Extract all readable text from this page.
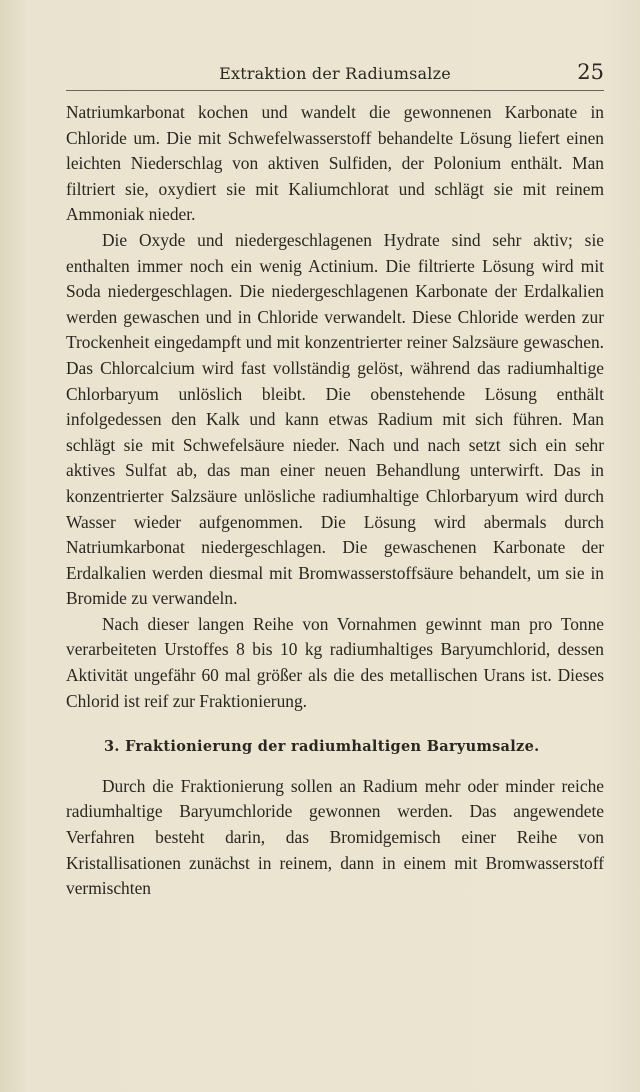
Extraktion der Radiumsalze	25

Natriumkarbonat kochen und wandelt die gewonnenen Karbonate in Chloride um. Die mit Schwefelwasserstoff behandelte Lösung liefert einen leichten Niederschlag von aktiven Sulfiden, der Polonium enthält. Man filtriert sie, oxydiert sie mit Kaliumchlorat und schlägt sie mit reinem Ammoniak nieder.

Die Oxyde und niedergeschlagenen Hydrate sind sehr aktiv; sie enthalten immer noch ein wenig Actinium. Die filtrierte Lösung wird mit Soda niedergeschlagen. Die niedergeschlagenen Karbonate der Erdalkalien werden gewaschen und in Chloride verwandelt. Diese Chloride werden zur Trockenheit eingedampft und mit konzentrierter reiner Salzsäure gewaschen. Das Chlorcalcium wird fast vollständig gelöst, während das radiumhaltige Chlorbaryum unlöslich bleibt. Die obenstehende Lösung enthält infolgedessen den Kalk und kann etwas Radium mit sich führen. Man schlägt sie mit Schwefelsäure nieder. Nach und nach setzt sich ein sehr aktives Sulfat ab, das man einer neuen Behandlung unterwirft. Das in konzentrierter Salzsäure unlösliche radiumhaltige Chlorbaryum wird durch Wasser wieder aufgenommen. Die Lösung wird abermals durch Natriumkarbonat niedergeschlagen. Die gewaschenen Karbonate der Erdalkalien werden diesmal mit Bromwasserstoffsäure behandelt, um sie in Bromide zu verwandeln.

Nach dieser langen Reihe von Vornahmen gewinnt man pro Tonne verarbeiteten Urstoffes 8 bis 10 kg radiumhaltiges Baryumchlorid, dessen Aktivität ungefähr 60 mal größer als die des metallischen Urans ist. Dieses Chlorid ist reif zur Fraktionierung.

3. Fraktionierung der radiumhaltigen Baryumsalze.

Durch die Fraktionierung sollen an Radium mehr oder minder reiche radiumhaltige Baryumchloride gewonnen werden. Das angewendete Verfahren besteht darin, das Bromidgemisch einer Reihe von Kristallisationen zunächst in reinem, dann in einem mit Bromwasserstoff vermischten
